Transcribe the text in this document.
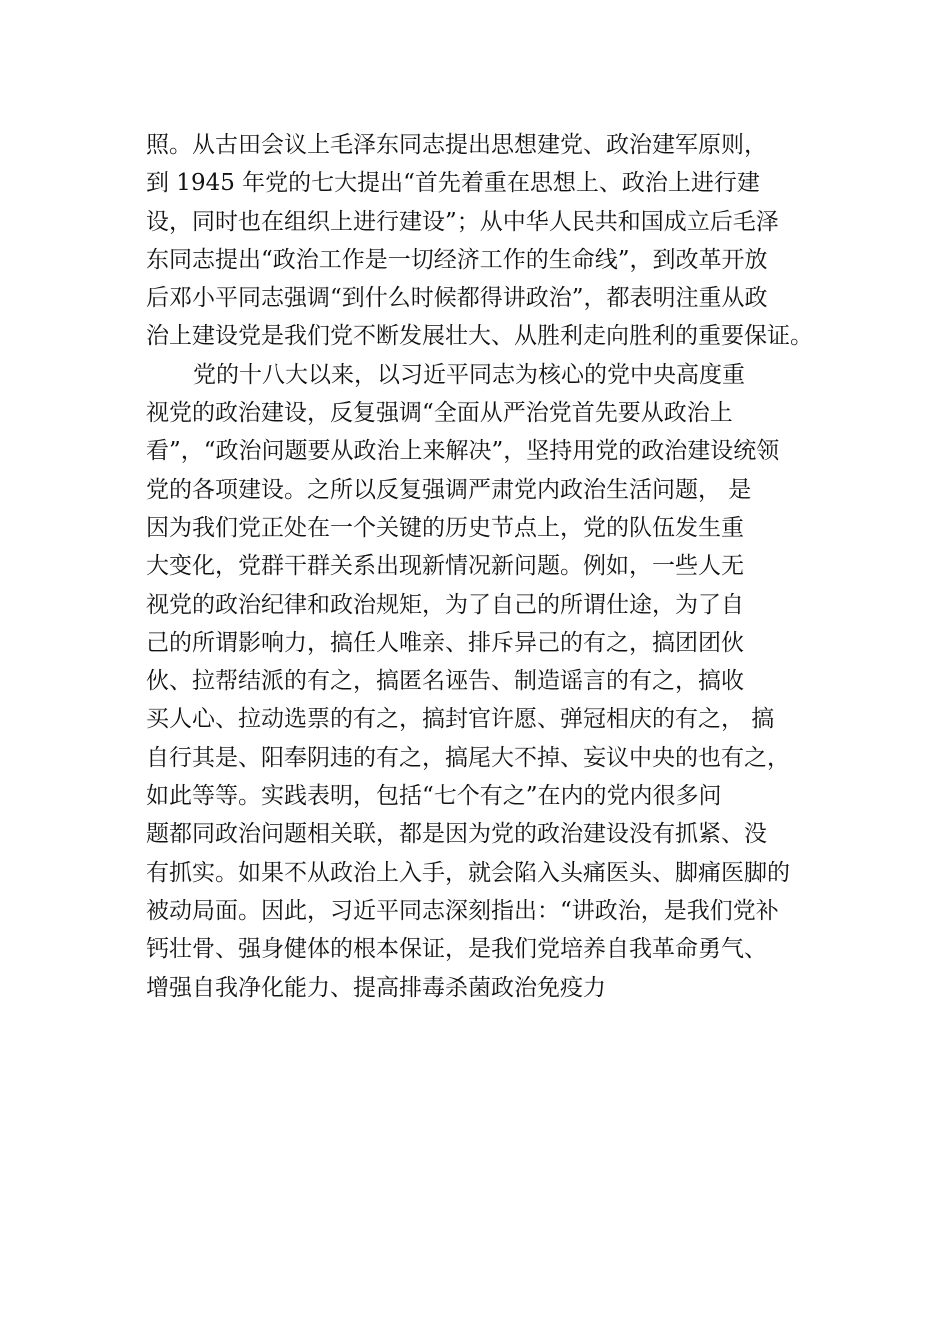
照。从古田会议上毛泽东同志提出思想建党、政治建军原则，
到 1945 年党的七大提出“首先着重在思想上、政治上进行建
设，同时也在组织上进行建设”；从中华人民共和国成立后毛泽
东同志提出“政治工作是一切经济工作的生命线”，到改革开放
后邓小平同志强调“到什么时候都得讲政治”，都表明注重从政
治上建设党是我们党不断发展壮大、从胜利走向胜利的重要保证。
党的十八大以来，以习近平同志为核心的党中央高度重
视党的政治建设，反复强调“全面从严治党首先要从政治上
看”，“政治问题要从政治上来解决”，坚持用党的政治建设统领
党的各项建设。之所以反复强调严肃党内政治生活问题， 是
因为我们党正处在一个关键的历史节点上，党的队伍发生重
大变化，党群干群关系出现新情况新问题。例如，一些人无
视党的政治纪律和政治规矩，为了自己的所谓仕途，为了自
己的所谓影响力，搞任人唯亲、排斥异己的有之，搞团团伙
伙、拉帮结派的有之，搞匿名诬告、制造谣言的有之，搞收
买人心、拉动选票的有之，搞封官许愿、弹冠相庆的有之， 搞
自行其是、阳奉阴违的有之，搞尾大不掉、妄议中央的也有之，
如此等等。实践表明，包括“七个有之”在内的党内很多问
题都同政治问题相关联，都是因为党的政治建设没有抓紧、没
有抓实。如果不从政治上入手，就会陷入头痛医头、脚痛医脚的
被动局面。因此，习近平同志深刻指出：“讲政治，是我们党补
钙壮骨、强身健体的根本保证，是我们党培养自我革命勇气、
增强自我净化能力、提高排毒杀菌政治免疫力
